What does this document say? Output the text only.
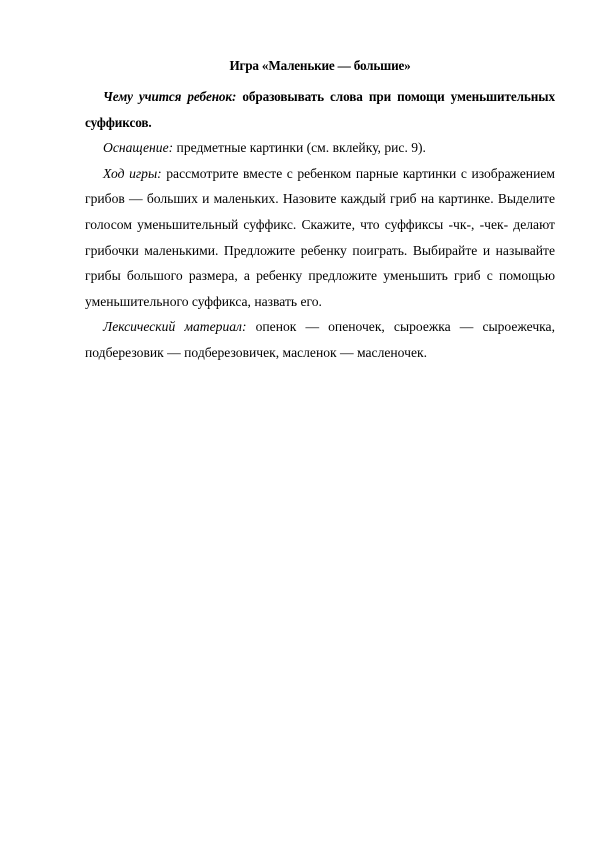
Игра «Маленькие — большие»

Чему учится ребенок: образовывать слова при помощи уменьшительных суффиксов.

Оснащение: предметные картинки (см. вклейку, рис. 9).

Ход игры: рассмотрите вместе с ребенком парные картинки с изображением грибов — больших и маленьких. Назовите каждый гриб на картинке. Выделите голосом уменьшительный суффикс. Скажите, что суффиксы -чк-, -чек- делают грибочки маленькими. Предложите ребенку поиграть. Выбирайте и называйте грибы большого размера, а ребенку предложите уменьшить гриб с помощью уменьшительного суффикса, назвать его.

Лексический материал: опенок — опеночек, сыроежка — сыроежечка, подберезовик — подберезовичек, масленок — масленочек.
